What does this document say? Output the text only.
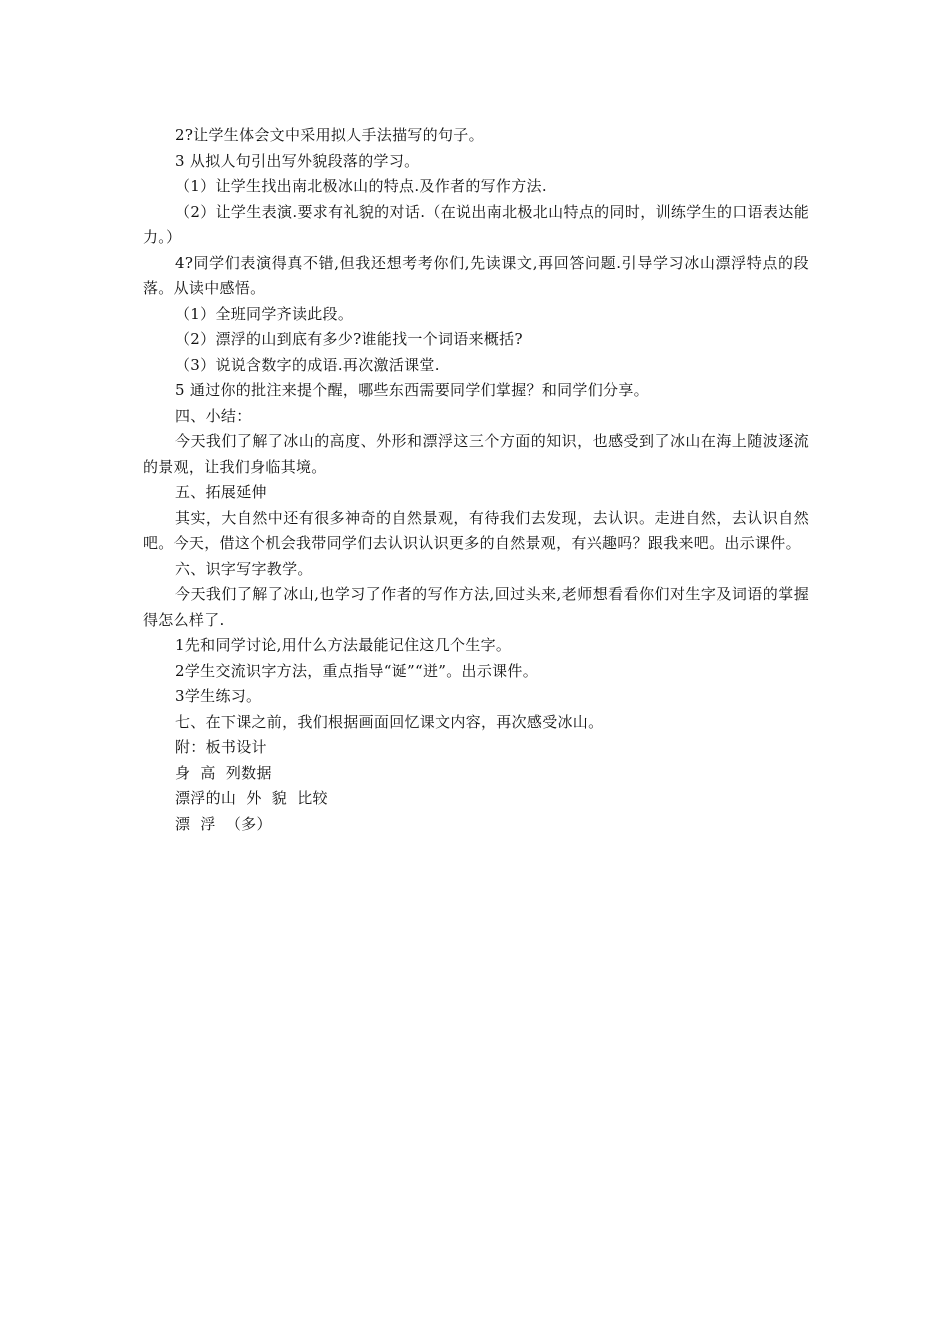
2?让学生体会文中采用拟人手法描写的句子。

3 从拟人句引出写外貌段落的学习。

（1）让学生找出南北极冰山的特点.及作者的写作方法.

（2）让学生表演.要求有礼貌的对话.（在说出南北极北山特点的同时，训练学生的口语表达能力。）

4?同学们表演得真不错,但我还想考考你们,先读课文,再回答问题.引导学习冰山漂浮特点的段落。从读中感悟。

（1）全班同学齐读此段。

（2）漂浮的山到底有多少?谁能找一个词语来概括?

（3）说说含数字的成语.再次激活课堂.

5 通过你的批注来提个醒，哪些东西需要同学们掌握？和同学们分享。

四、小结：

今天我们了解了冰山的高度、外形和漂浮这三个方面的知识，也感受到了冰山在海上随波逐流的景观，让我们身临其境。

五、拓展延伸

其实，大自然中还有很多神奇的自然景观，有待我们去发现，去认识。走进自然，去认识自然吧。今天，借这个机会我带同学们去认识认识更多的自然景观，有兴趣吗？跟我来吧。出示课件。

六、识字写字教学。

今天我们了解了冰山,也学习了作者的写作方法,回过头来,老师想看看你们对生字及词语的掌握得怎么样了.

1先和同学讨论,用什么方法最能记住这几个生字。

2学生交流识字方法，重点指导“诞”“迸”。出示课件。

3学生练习。

七、在下课之前，我们根据画面回忆课文内容，再次感受冰山。

附：板书设计

身  高  列数据

漂浮的山  外  貌  比较

漂  浮  （多）
